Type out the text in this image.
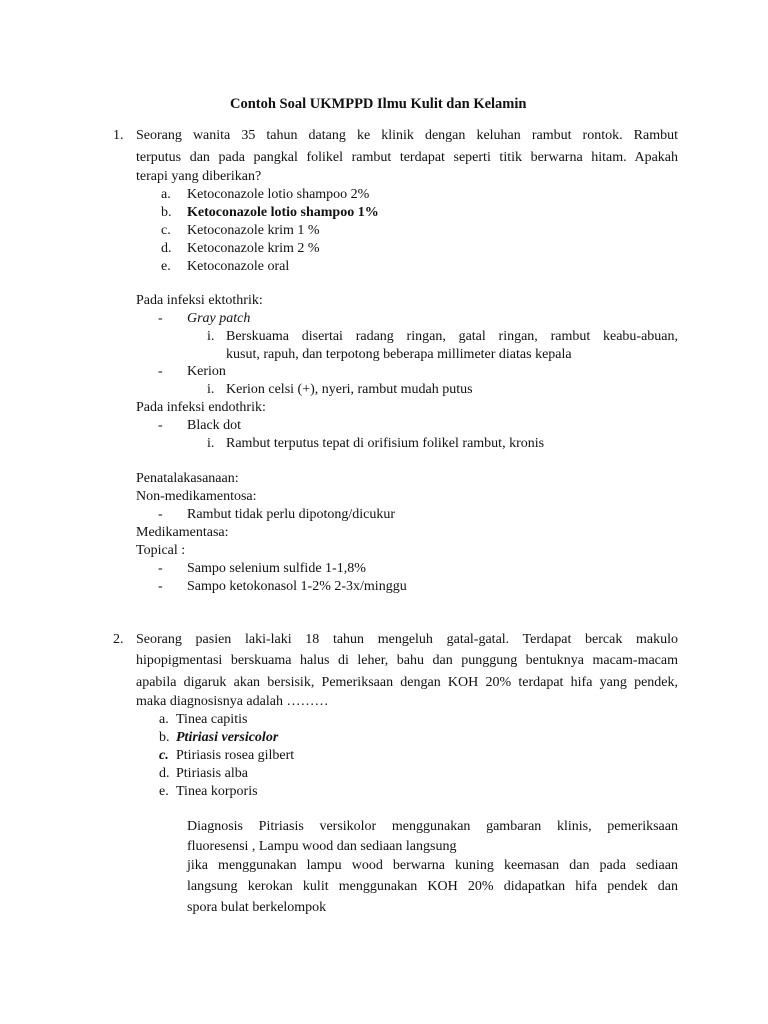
Contoh Soal UKMPPD Ilmu Kulit dan Kelamin
1. Seorang wanita 35 tahun datang ke klinik dengan keluhan rambut rontok. Rambut
terputus dan pada pangkal folikel rambut terdapat seperti titik berwarna hitam. Apakah
terapi yang diberikan?
a. Ketoconazole lotio shampoo 2%
b. Ketoconazole lotio shampoo 1%
c. Ketoconazole krim 1 %
d. Ketoconazole krim 2 %
e. Ketoconazole oral
Pada infeksi ektothrik:
- Gray patch
i. Berskuama disertai radang ringan, gatal ringan, rambut keabu-abuan,
kusut, rapuh, dan terpotong beberapa millimeter diatas kepala
- Kerion
i. Kerion celsi (+), nyeri, rambut mudah putus
Pada infeksi endothrik:
- Black dot
i. Rambut terputus tepat di orifisium folikel rambut, kronis
Penatalakasanaan:
Non-medikamentosa:
- Rambut tidak perlu dipotong/dicukur
Medikamentasa:
Topical :
- Sampo selenium sulfide 1-1,8%
- Sampo ketokonasol 1-2% 2-3x/minggu
2. Seorang pasien laki-laki 18 tahun mengeluh gatal-gatal. Terdapat bercak makulo
hipopigmentasi berskuama halus di leher, bahu dan punggung bentuknya macam-macam
apabila digaruk akan bersisik, Pemeriksaan dengan KOH 20% terdapat hifa yang pendek,
maka diagnosisnya adalah ………
a. Tinea capitis
b. Ptiriasi versicolor
c. Ptiriasis rosea gilbert
d. Ptiriasis alba
e. Tinea korporis
Diagnosis Pitriasis versikolor menggunakan gambaran klinis, pemeriksaan
fluoresensi , Lampu wood dan sediaan langsung
jika menggunakan lampu wood berwarna kuning keemasan dan pada sediaan
langsung kerokan kulit menggunakan KOH 20% didapatkan hifa pendek dan
spora bulat berkelompok
